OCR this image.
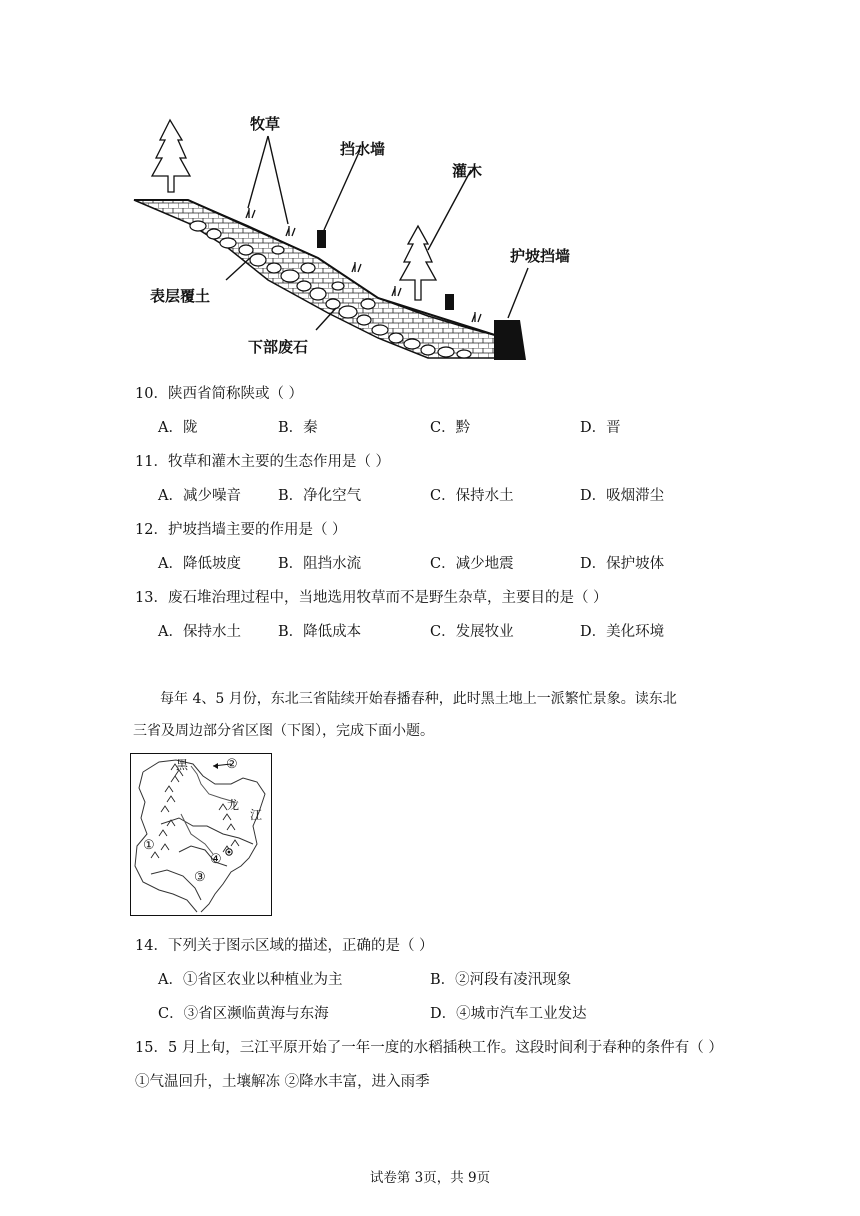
牧草
挡水墙
灌木
护坡挡墙
表层覆土
下部废石
10．陕西省简称陕或（ ）
A．陇	B．秦	C．黔	D．晋
11．牧草和灌木主要的生态作用是（ ）
A．减少噪音	B．净化空气	C．保持水土	D．吸烟滞尘
12．护坡挡墙主要的作用是（ ）
A．降低坡度	B．阻挡水流	C．减少地震	D．保护坡体
13．废石堆治理过程中，当地选用牧草而不是野生杂草，主要目的是（ ）
A．保持水土	B．降低成本	C．发展牧业	D．美化环境
每年 4、5 月份，东北三省陆续开始春播春种，此时黑土地上一派繁忙景象。读东北
三省及周边部分省区图（下图），完成下面小题。
黑
龙
江
②
①
④
③
14．下列关于图示区域的描述，正确的是（ ）
A．①省区农业以种植业为主	B．②河段有凌汛现象
C．③省区濒临黄海与东海	D．④城市汽车工业发达
15．5 月上旬，三江平原开始了一年一度的水稻插秧工作。这段时间利于春种的条件有（ ）
①气温回升，土壤解冻 ②降水丰富，进入雨季
试卷第 3页，共 9页
